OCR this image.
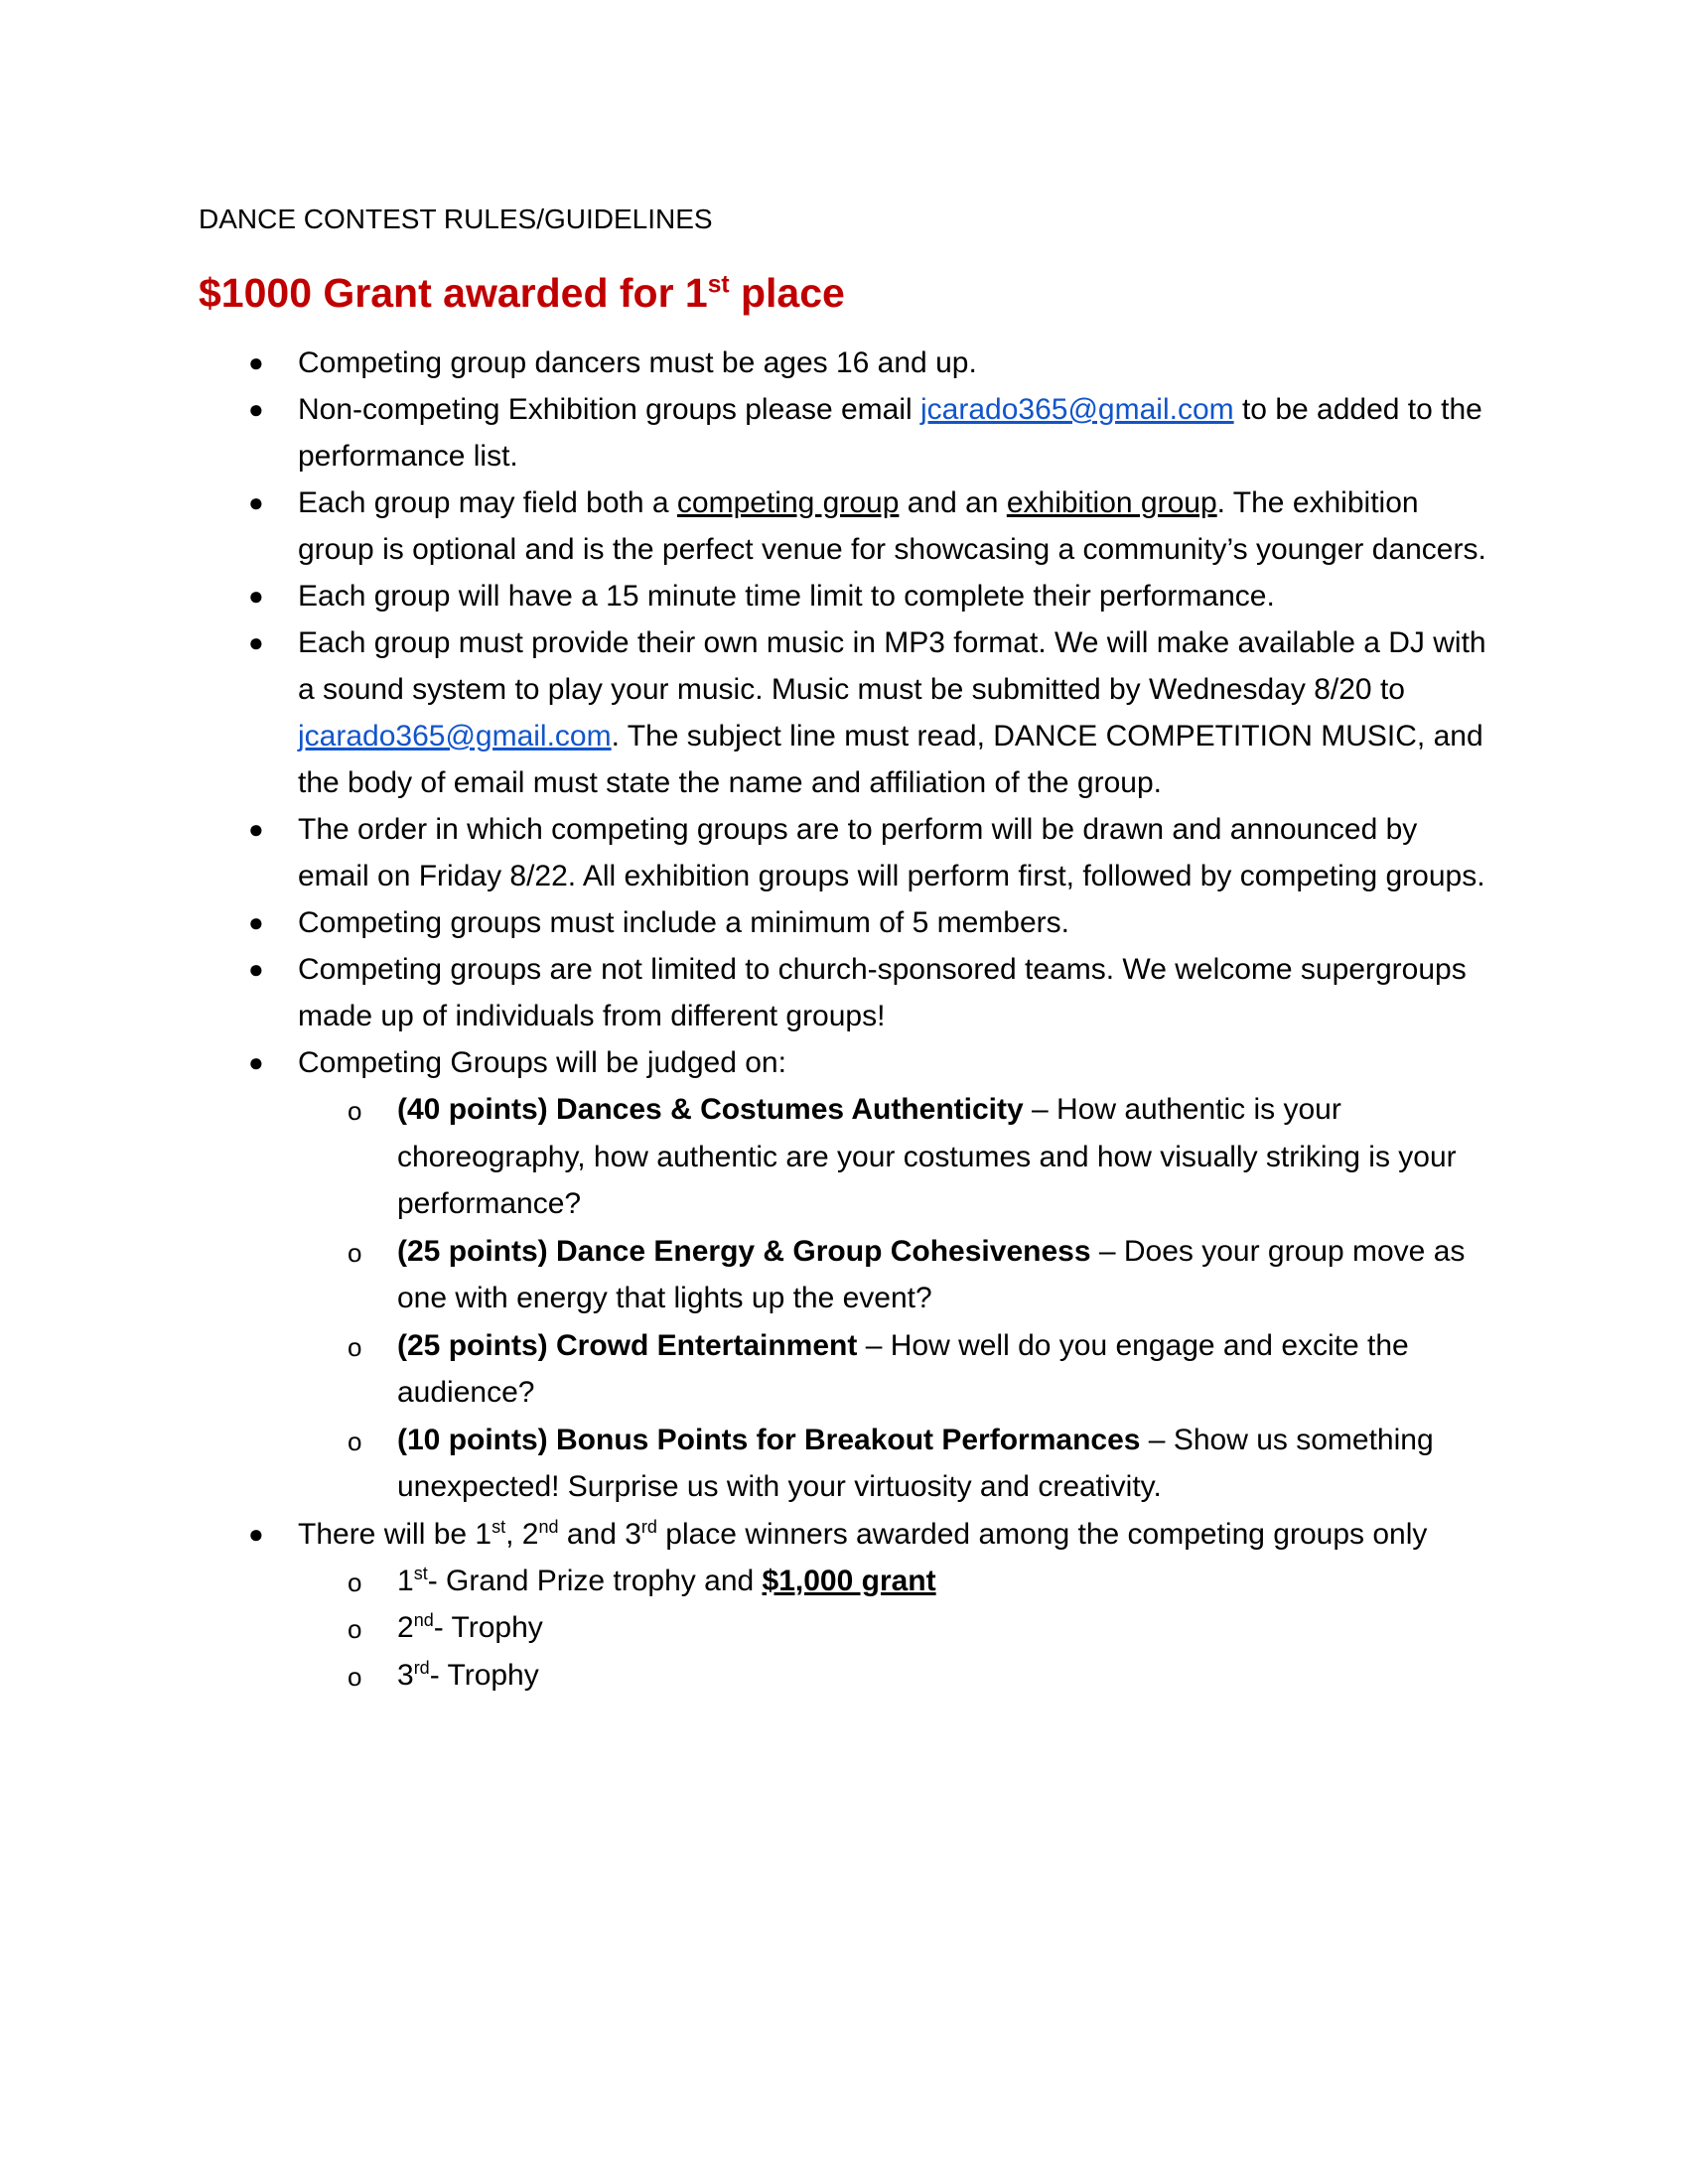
DANCE CONTEST RULES/GUIDELINES
$1000 Grant awarded for 1st place
● Competing group dancers must be ages 16 and up.
● Non-competing Exhibition groups please email jcarado365@gmail.com to be added to the performance list.
● Each group may field both a competing group and an exhibition group. The exhibition group is optional and is the perfect venue for showcasing a community’s younger dancers.
● Each group will have a 15 minute time limit to complete their performance.
● Each group must provide their own music in MP3 format. We will make available a DJ with a sound system to play your music. Music must be submitted by Wednesday 8/20 to jcarado365@gmail.com. The subject line must read, DANCE COMPETITION MUSIC, and the body of email must state the name and affiliation of the group.
● The order in which competing groups are to perform will be drawn and announced by email on Friday 8/22. All exhibition groups will perform first, followed by competing groups.
● Competing groups must include a minimum of 5 members.
● Competing groups are not limited to church-sponsored teams. We welcome supergroups made up of individuals from different groups!
● Competing Groups will be judged on:
o (40 points) Dances & Costumes Authenticity – How authentic is your choreography, how authentic are your costumes and how visually striking is your performance?
o (25 points) Dance Energy & Group Cohesiveness – Does your group move as one with energy that lights up the event?
o (25 points) Crowd Entertainment – How well do you engage and excite the audience?
o (10 points) Bonus Points for Breakout Performances – Show us something unexpected! Surprise us with your virtuosity and creativity.
● There will be 1st, 2nd and 3rd place winners awarded among the competing groups only
o 1st- Grand Prize trophy and $1,000 grant
o 2nd- Trophy
o 3rd- Trophy
